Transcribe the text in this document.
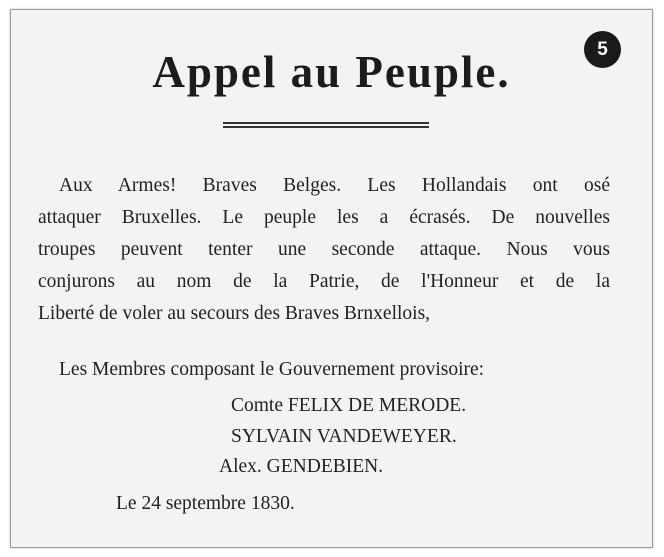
Appel au Peuple.	5
Aux Armes! Braves Belges. Les Hollandais ont osé
attaquer Bruxelles. Le peuple les a écrasés. De nouvelles
troupes peuvent tenter une seconde attaque. Nous vous
conjurons au nom de la Patrie, de l'Honneur et de la
Liberté de voler au secours des Braves Brnxellois,
Les Membres composant le Gouvernement provisoire:
Comte FELIX DE MERODE.
SYLVAIN VANDEWEYER.
Alex. GENDEBIEN.
Le 24 septembre 1830.
